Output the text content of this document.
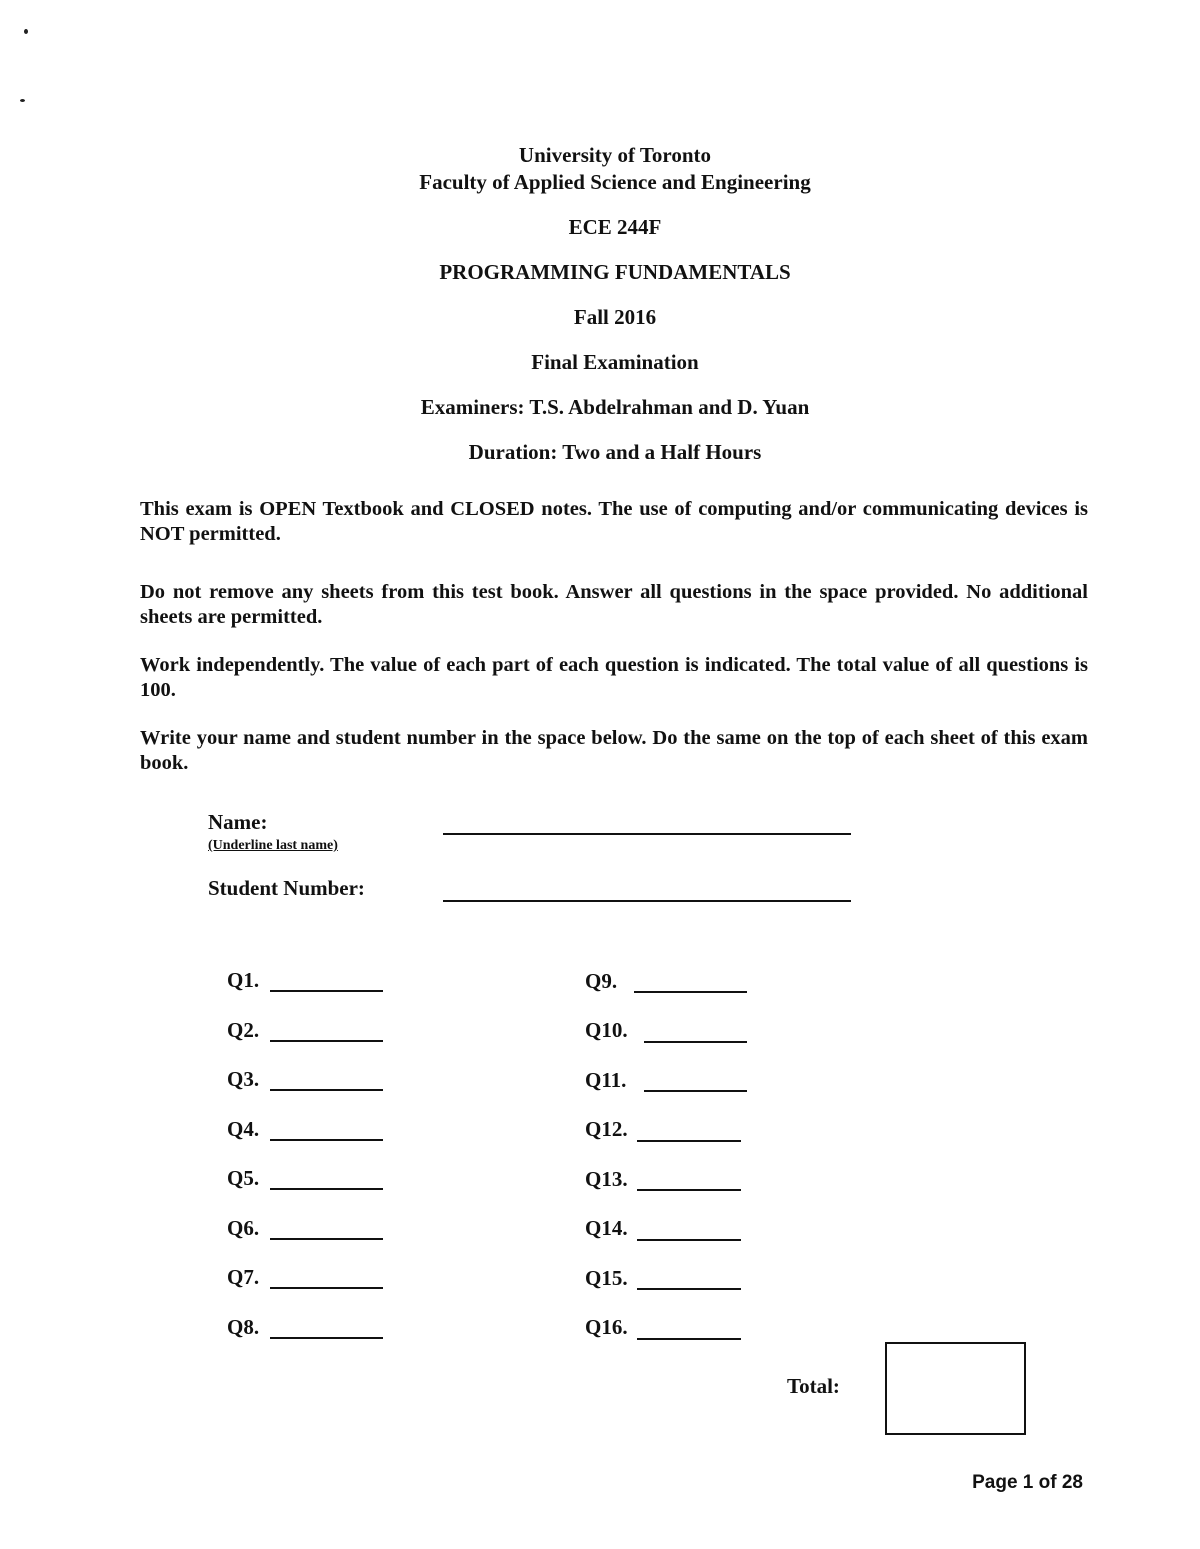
University of Toronto
Faculty of Applied Science and Engineering
ECE 244F
PROGRAMMING FUNDAMENTALS
Fall 2016
Final Examination
Examiners: T.S. Abdelrahman and D. Yuan
Duration: Two and a Half Hours
This exam is OPEN Textbook and CLOSED notes. The use of computing and/or communicating devices is NOT permitted.
Do not remove any sheets from this test book. Answer all questions in the space provided. No additional sheets are permitted.
Work independently. The value of each part of each question is indicated. The total value of all questions is 100.
Write your name and student number in the space below. Do the same on the top of each sheet of this exam book.
Name:
(Underline last name)
Student Number:
Q1.
Q2.
Q3.
Q4.
Q5.
Q6.
Q7.
Q8.
Q9.
Q10.
Q11.
Q12.
Q13.
Q14.
Q15.
Q16.
Total:
Page 1 of 28
